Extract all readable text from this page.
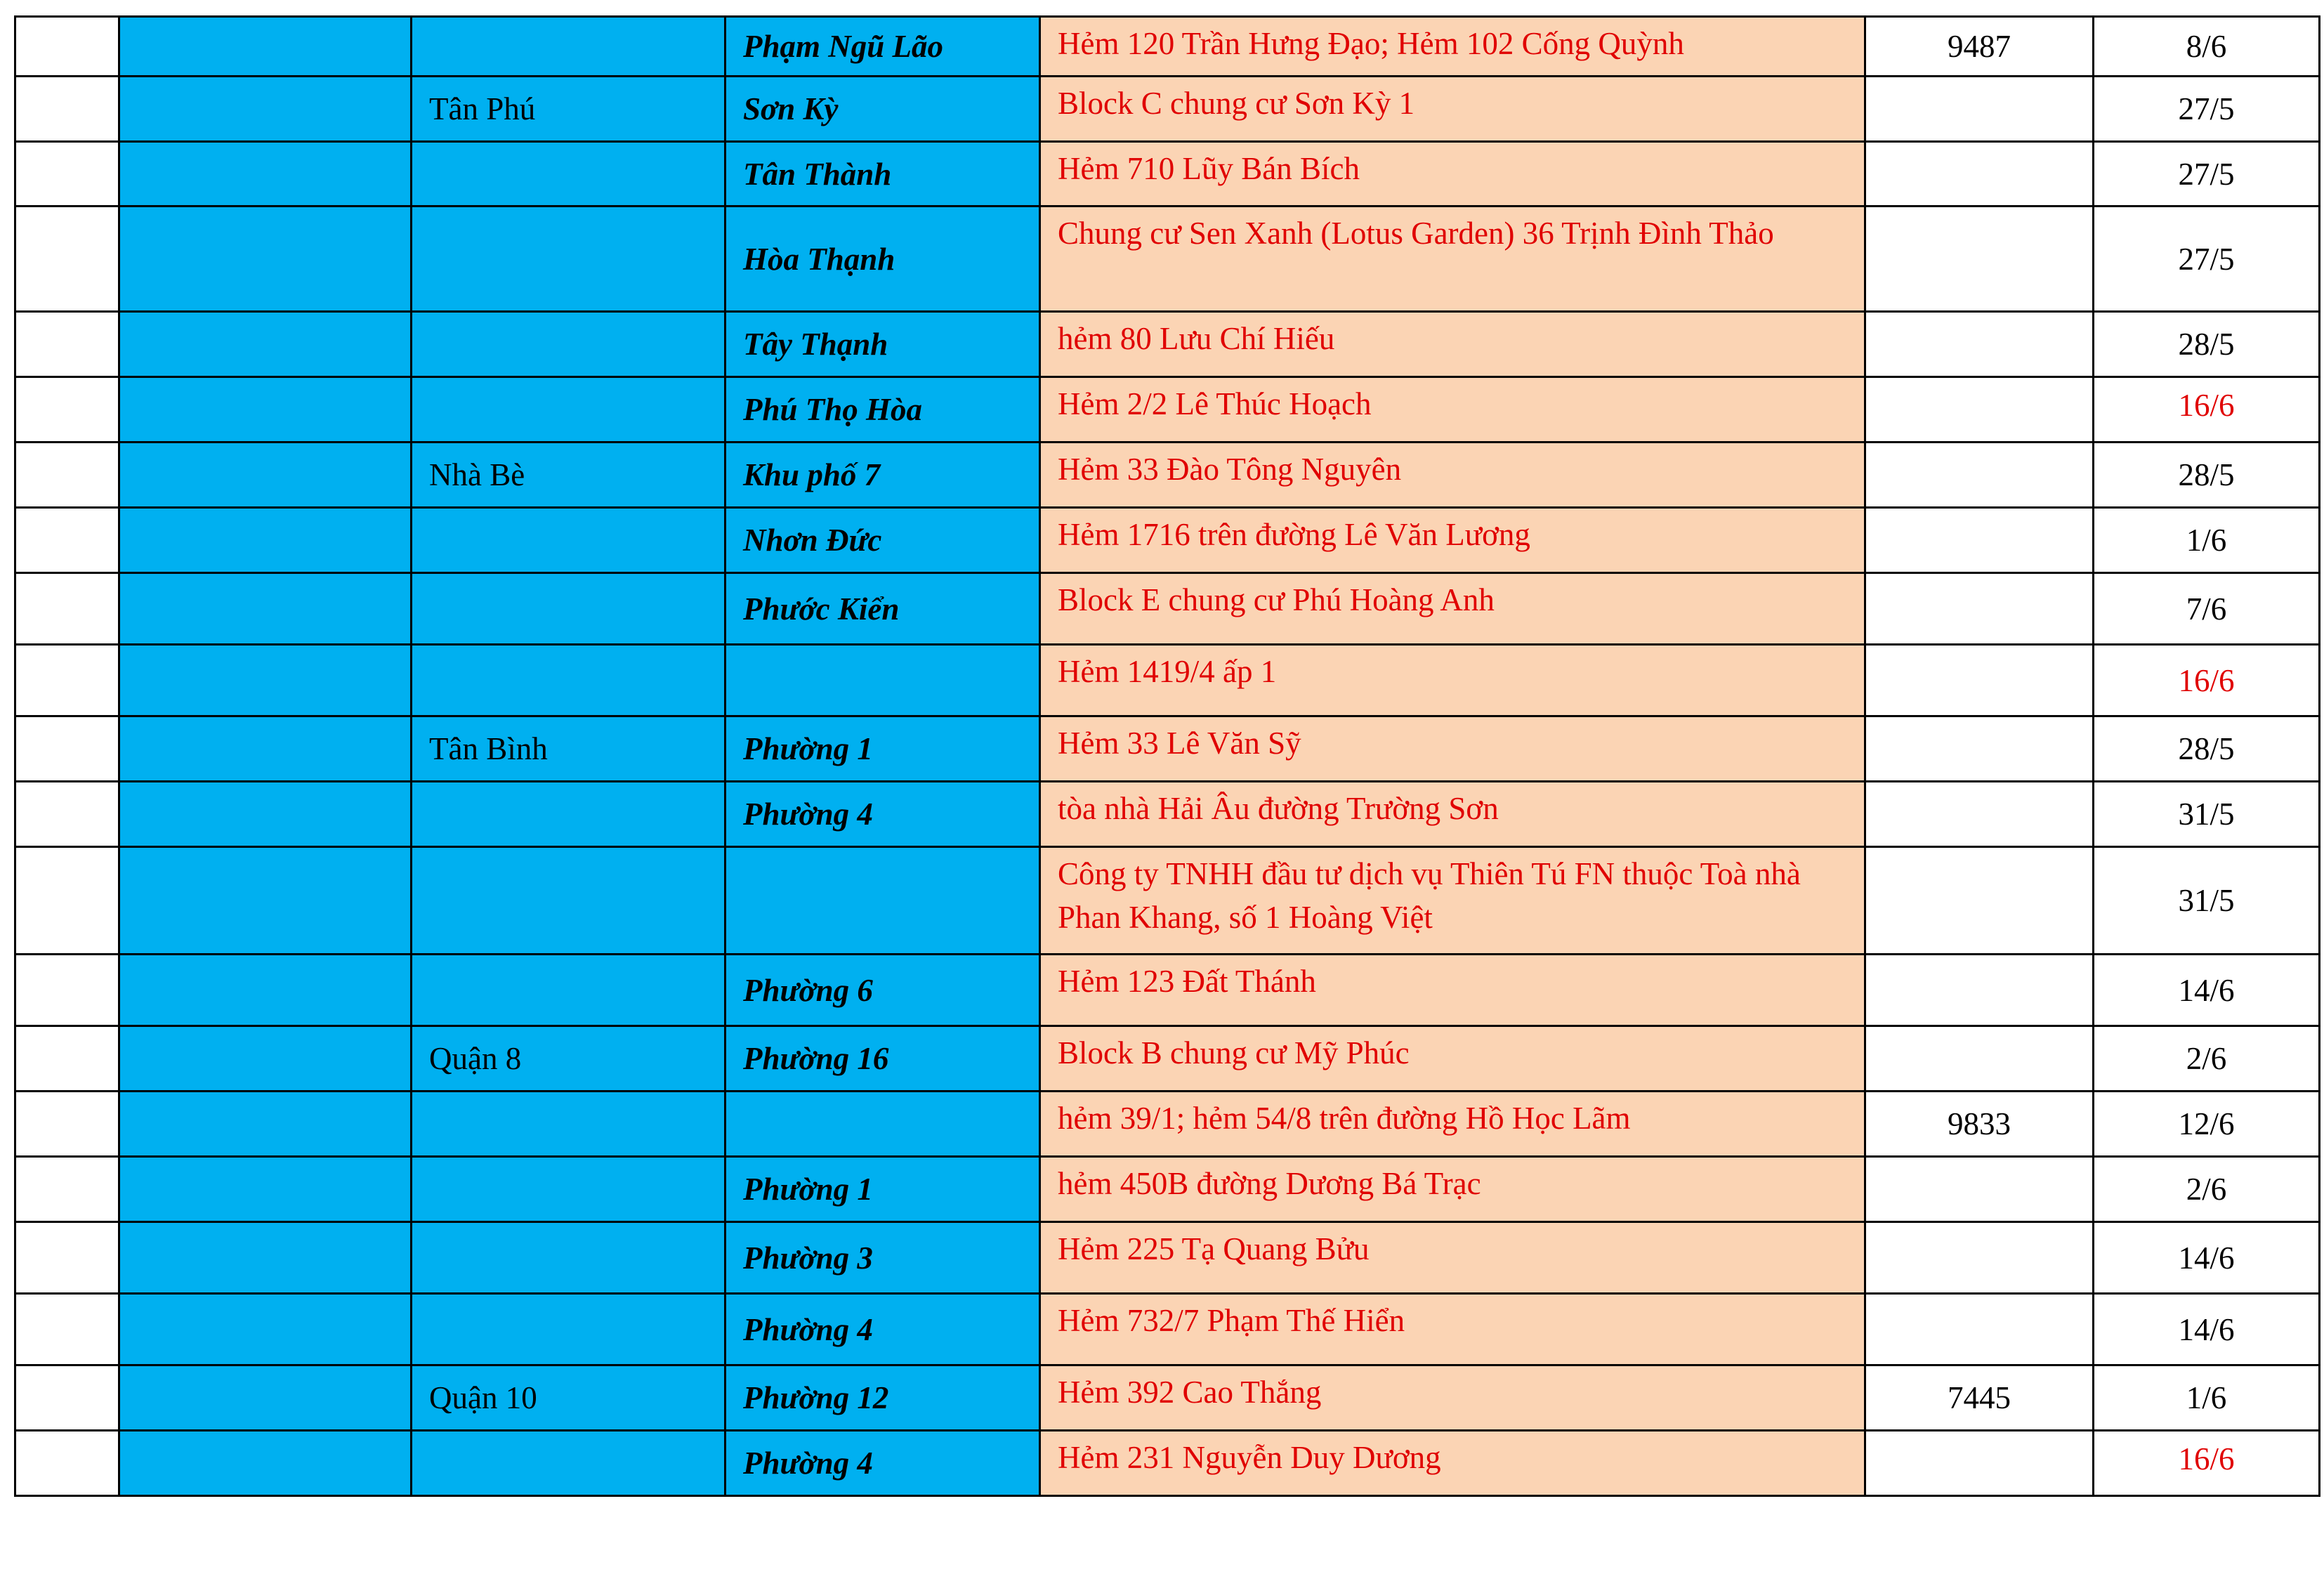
			Phạm Ngũ Lão	Hẻm 120 Trần Hưng Đạo; Hẻm 102 Cống Quỳnh	9487	8/6
		Tân Phú	Sơn Kỳ	Block C chung cư Sơn Kỳ 1		27/5
			Tân Thành	Hẻm 710 Lũy Bán Bích		27/5
			Hòa Thạnh	Chung cư Sen Xanh (Lotus Garden) 36 Trịnh Đình Thảo		27/5
			Tây Thạnh	hẻm 80 Lưu Chí Hiếu		28/5
			Phú Thọ Hòa	Hẻm 2/2 Lê Thúc Hoạch		16/6
		Nhà Bè	Khu phố 7	Hẻm 33 Đào Tông Nguyên		28/5
			Nhơn Đức	Hẻm 1716 trên đường Lê Văn Lương		1/6
			Phước Kiển	Block E chung cư Phú Hoàng Anh		7/6
				Hẻm 1419/4 ấp 1		16/6
		Tân Bình	Phường 1	Hẻm 33 Lê Văn Sỹ		28/5
			Phường 4	tòa nhà Hải Âu đường Trường Sơn		31/5
				Công ty TNHH đầu tư dịch vụ Thiên Tú FN thuộc Toà nhà Phan Khang, số 1 Hoàng Việt		31/5
			Phường 6	Hẻm 123 Đất Thánh		14/6
		Quận 8	Phường 16	Block B chung cư Mỹ Phúc		2/6
				hẻm 39/1; hẻm 54/8 trên đường Hồ Học Lãm	9833	12/6
			Phường 1	hẻm 450B đường Dương Bá Trạc		2/6
			Phường 3	Hẻm 225 Tạ Quang Bửu		14/6
			Phường 4	Hẻm 732/7 Phạm Thế Hiển		14/6
		Quận 10	Phường 12	Hẻm 392 Cao Thắng	7445	1/6
			Phường 4	Hẻm 231 Nguyễn Duy Dương		16/6
